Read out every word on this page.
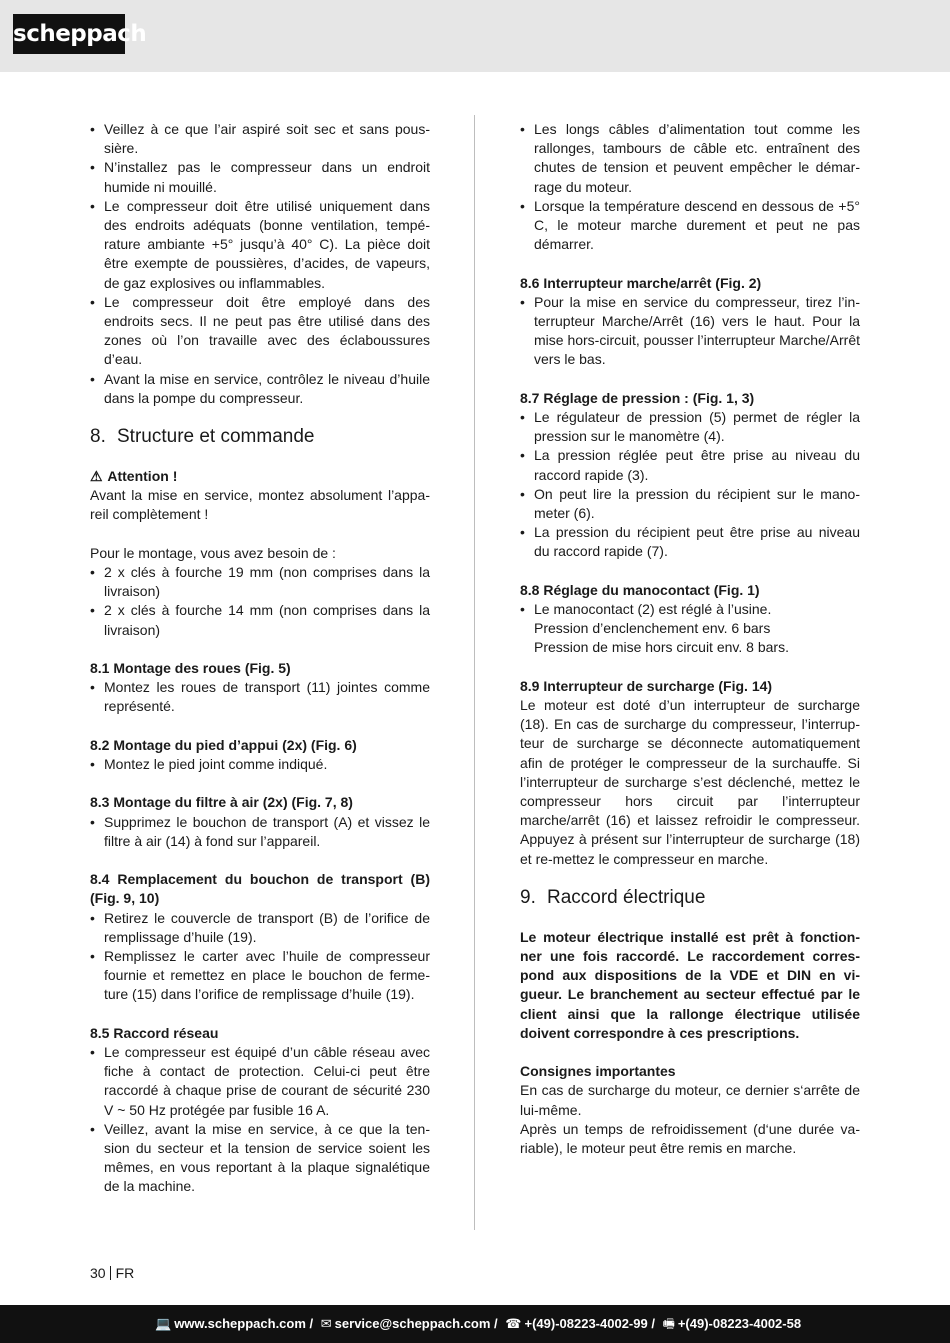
scheppach
• Veillez à ce que l’air aspiré soit sec et sans pous-sière.
• N’installez pas le compresseur dans un endroit humide ni mouillé.
• Le compresseur doit être utilisé uniquement dans des endroits adéquats (bonne ventilation, tempé-rature ambiante +5° jusqu’à 40° C). La pièce doit être exempte de poussières, d’acides, de vapeurs, de gaz explosives ou inflammables.
• Le compresseur doit être employé dans des endroits secs. Il ne peut pas être utilisé dans des zones où l’on travaille avec des éclaboussures d’eau.
• Avant la mise en service, contrôlez le niveau d’huile dans la pompe du compresseur.
8. Structure et commande
⚠ Attention !

Avant la mise en service, montez absolument l’appa-reil complètement !

Pour le montage, vous avez besoin de :

• 2 x clés à fourche 19 mm (non comprises dans la livraison)
• 2 x clés à fourche 14 mm (non comprises dans la livraison)
8.1 Montage des roues (Fig. 5)
• Montez les roues de transport (11) jointes comme représenté.
8.2 Montage du pied d’appui (2x) (Fig. 6)
• Montez le pied joint comme indiqué.
8.3 Montage du filtre à air (2x) (Fig. 7, 8)
• Supprimez le bouchon de transport (A) et vissez le filtre à air (14) à fond sur l’appareil.
8.4 Remplacement du bouchon de transport (B) (Fig. 9, 10)
• Retirez le couvercle de transport (B) de l’orifice de remplissage d’huile (19).
• Remplissez le carter avec l’huile de compresseur fournie et remettez en place le bouchon de ferme-ture (15) dans l’orifice de remplissage d’huile (19).
8.5 Raccord réseau
• Le compresseur est équipé d’un câble réseau avec fiche à contact de protection. Celui-ci peut être raccordé à chaque prise de courant de sécurité 230 V ~ 50 Hz protégée par fusible 16 A.
• Veillez, avant la mise en service, à ce que la ten-sion du secteur et la tension de service soient les mêmes, en vous reportant à la plaque signalétique de la machine.
• Les longs câbles d’alimentation tout comme les rallonges, tambours de câble etc. entraînent des chutes de tension et peuvent empêcher le démar-rage du moteur.
• Lorsque la température descend en dessous de +5° C, le moteur marche durement et peut ne pas démarrer.
8.6 Interrupteur marche/arrêt (Fig. 2)
• Pour la mise en service du compresseur, tirez l’in-terrupteur Marche/Arrêt (16) vers le haut. Pour la mise hors-circuit, pousser l’interrupteur Marche/Arrêt vers le bas.
8.7 Réglage de pression : (Fig. 1, 3)
• Le régulateur de pression (5) permet de régler la pression sur le manomètre (4).
• La pression réglée peut être prise au niveau du raccord rapide (3).
• On peut lire la pression du récipient sur le mano-meter (6).
• La pression du récipient peut être prise au niveau du raccord rapide (7).
8.8 Réglage du manocontact (Fig. 1)
• Le manocontact (2) est réglé à l’usine.

Pression d’enclenchement env. 6 bars

Pression de mise hors circuit env. 8 bars.

8.9 Interrupteur de surcharge (Fig. 14)

Le moteur est doté d’un interrupteur de surcharge (18). En cas de surcharge du compresseur, l’interrup-teur de surcharge se déconnecte automatiquement afin de protéger le compresseur de la surchauffe. Si l’interrupteur de surcharge s’est déclenché, mettez le compresseur hors circuit par l’interrupteur marche/arrêt (16) et laissez refroidir le compresseur. Appuyez à présent sur l’interrupteur de surcharge (18) et re-mettez le compresseur en marche.

9. Raccord électrique

Le moteur électrique installé est prêt à fonction-ner une fois raccordé. Le raccordement corres-pond aux dispositions de la VDE et DIN en vi-gueur. Le branchement au secteur effectué par le client ainsi que la rallonge électrique utilisée doivent correspondre à ces prescriptions.

Consignes importantes

En cas de surcharge du moteur, ce dernier s‘arrête de lui-même.

Après un temps de refroidissement (d‘une durée va-riable), le moteur peut être remis en marche.

30 FR
💻 www.scheppach.com / ✉ service@scheppach.com / ☎ +(49)-08223-4002-99 / 🖷 +(49)-08223-4002-58
